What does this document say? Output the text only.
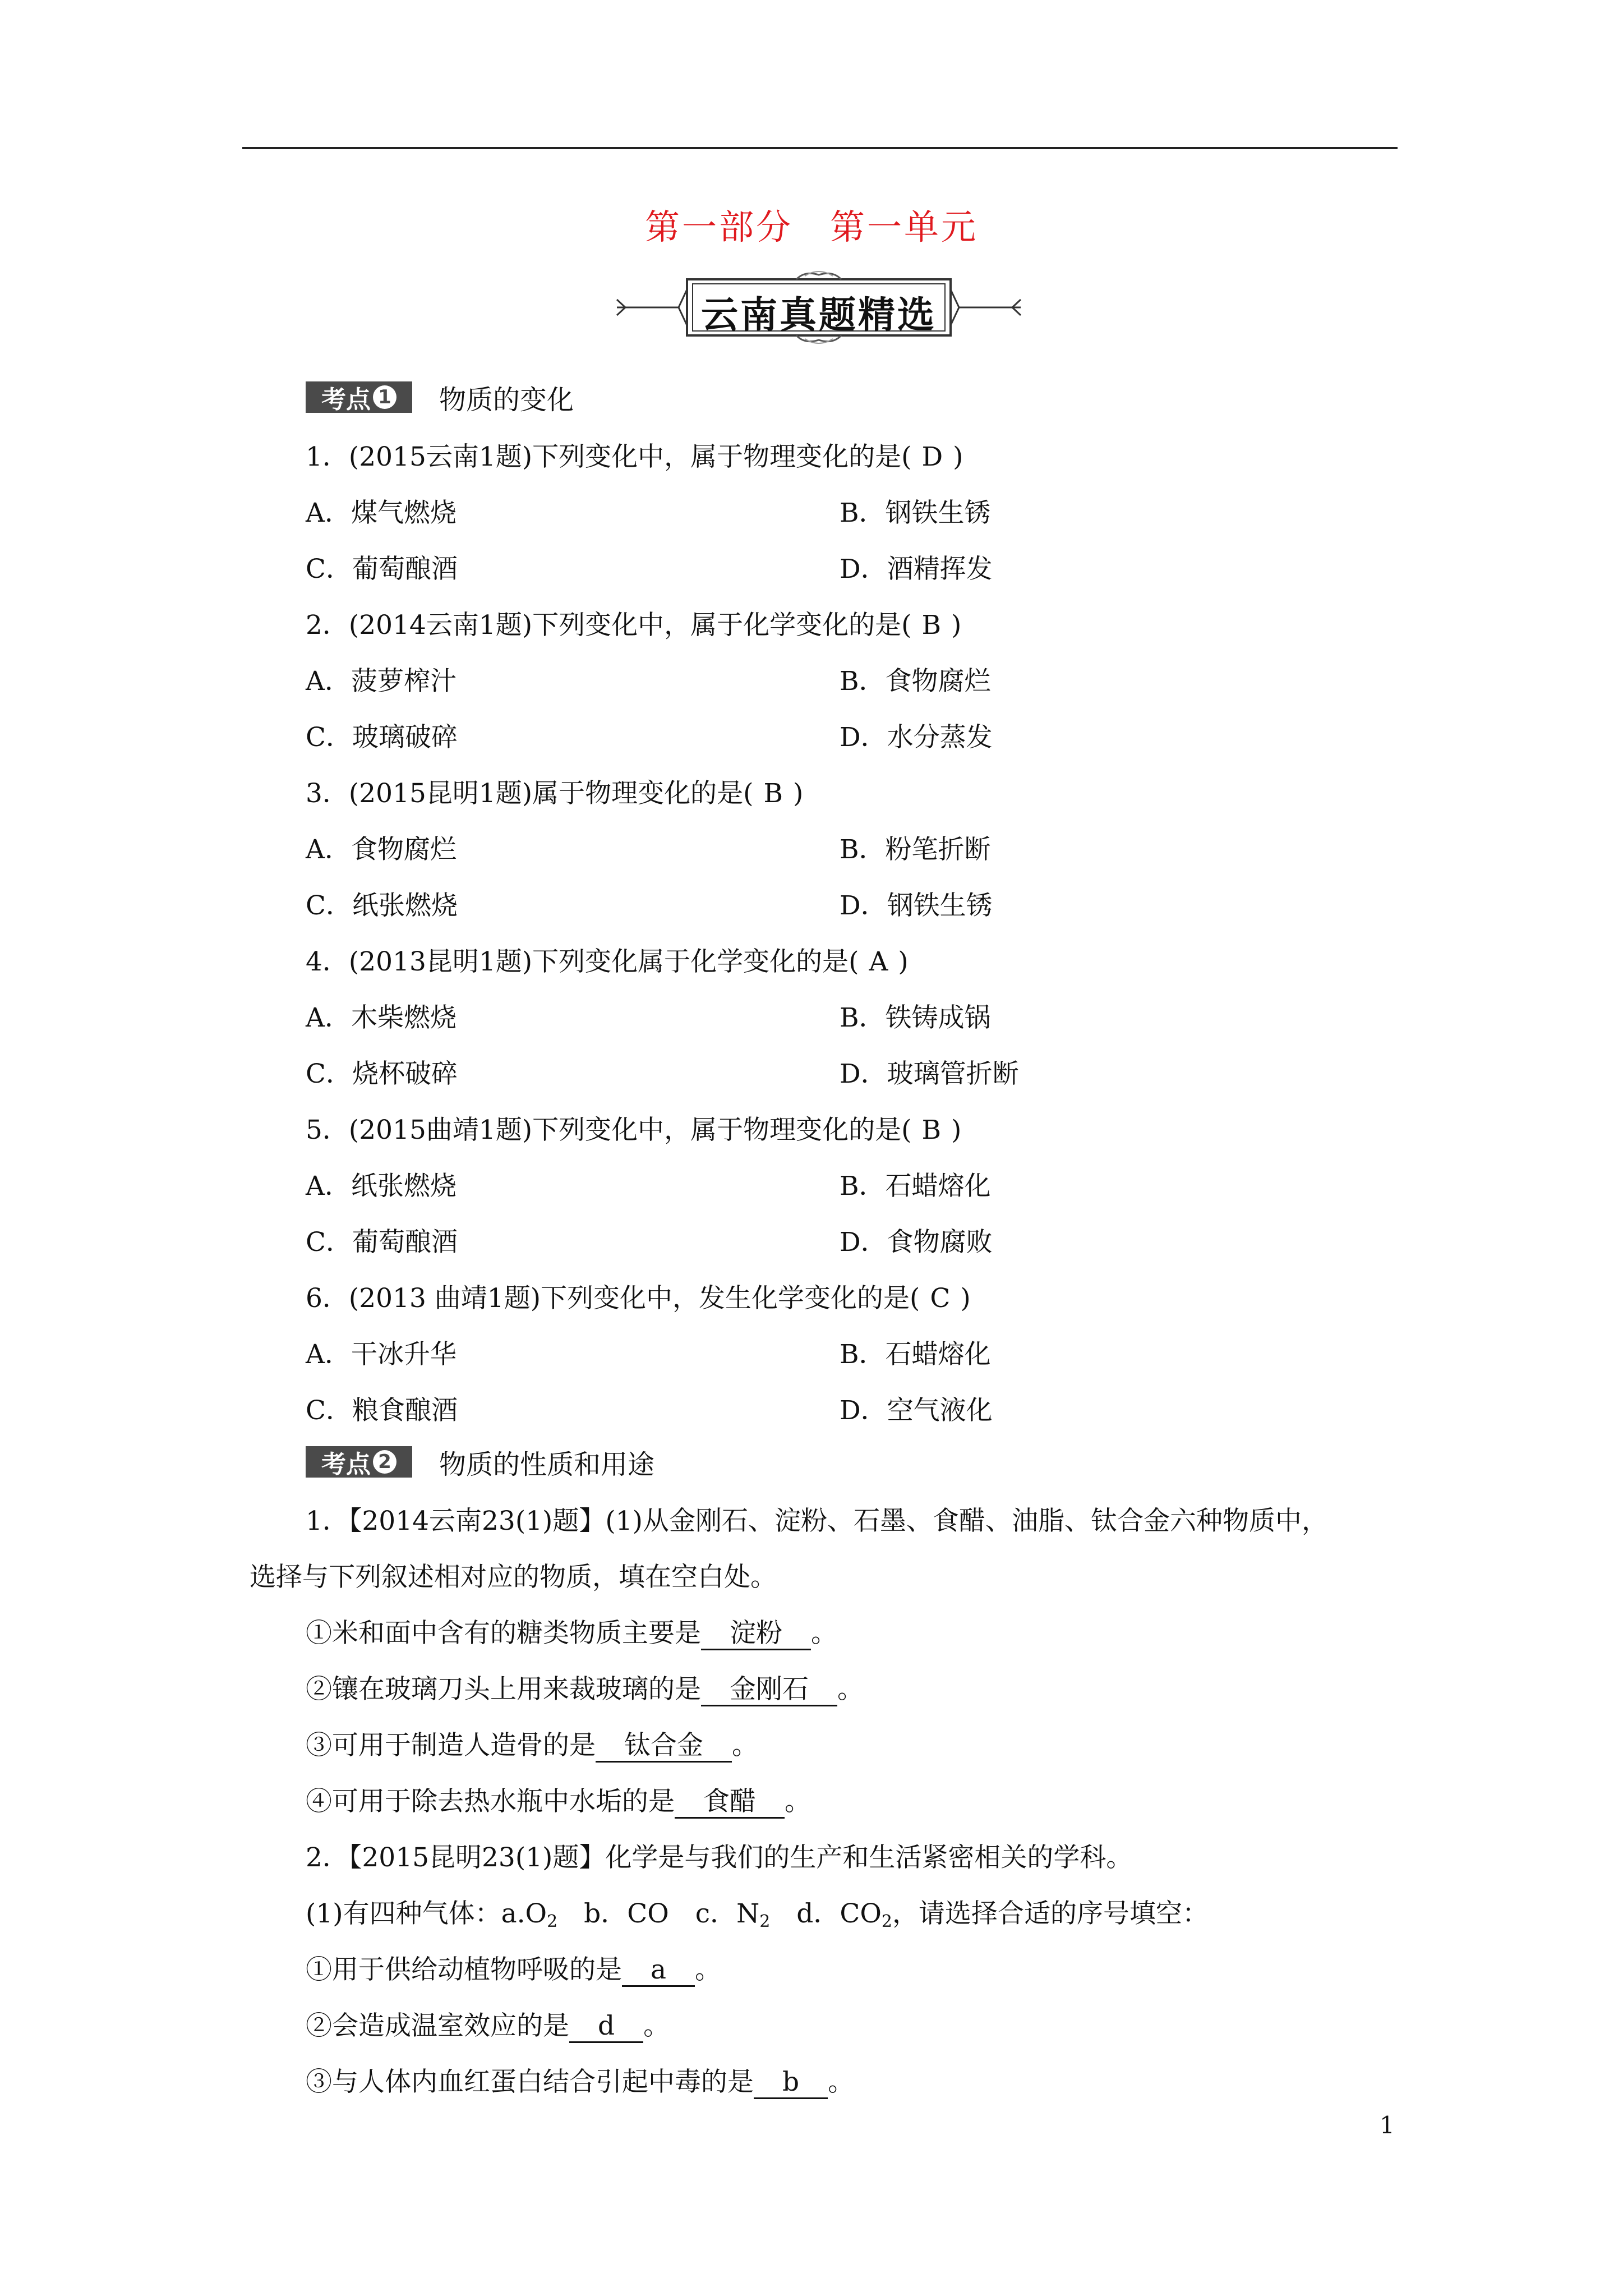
第一部分　第一单元
云南真题精选
考点 1 物质的变化
1．(2015云南1题)下列变化中，属于物理变化的是( D )
A．煤气燃烧	B．钢铁生锈
C．葡萄酿酒	D．酒精挥发
2．(2014云南1题)下列变化中，属于化学变化的是( B )
A．菠萝榨汁	B．食物腐烂
C．玻璃破碎	D．水分蒸发
3．(2015昆明1题)属于物理变化的是( B )
A．食物腐烂	B．粉笔折断
C．纸张燃烧	D．钢铁生锈
4．(2013昆明1题)下列变化属于化学变化的是( A )
A．木柴燃烧	B．铁铸成锅
C．烧杯破碎	D．玻璃管折断
5．(2015曲靖1题)下列变化中，属于物理变化的是( B )
A．纸张燃烧	B．石蜡熔化
C．葡萄酿酒	D．食物腐败
6．(2013 曲靖1题)下列变化中，发生化学变化的是( C )
A．干冰升华	B．石蜡熔化
C．粮食酿酒	D．空气液化
考点 2 物质的性质和用途
1．【2014云南23(1)题】(1)从金刚石、淀粉、石墨、食醋、油脂、钛合金六种物质中，
选择与下列叙述相对应的物质，填在空白处。
①米和面中含有的糖类物质主要是　 淀粉　 。
②镶在玻璃刀头上用来裁玻璃的是　 金刚石　 。
③可用于制造人造骨的是　 钛合金　 。
④可用于除去热水瓶中水垢的是　 食醋　 。
2．【2015昆明23(1)题】化学是与我们的生产和生活紧密相关的学科。
(1)有四种气体：$a.O_2$　b．CO　c．$N_2$　d．$CO_2$，请选择合适的序号填空：
①用于供给动植物呼吸的是　 a　 。
②会造成温室效应的是　 d　 。
③与人体内血红蛋白结合引起中毒的是　 b　 。
1
